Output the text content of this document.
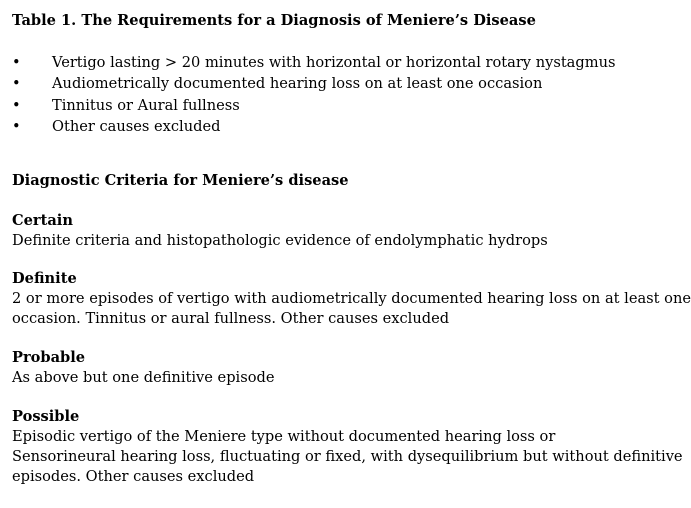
Table 1. The Requirements for a Diagnosis of Meniere’s Disease
• Vertigo lasting > 20 minutes with horizontal or horizontal rotary nystagmus
• Audiometrically documented hearing loss on at least one occasion
• Tinnitus or Aural fullness
• Other causes excluded
Diagnostic Criteria for Meniere’s disease
Certain
Definite criteria and histopathologic evidence of endolymphatic hydrops
Definite
2 or more episodes of vertigo with audiometrically documented hearing loss on at least one
occasion. Tinnitus or aural fullness. Other causes excluded
Probable
As above but one definitive episode
Possible
Episodic vertigo of the Meniere type without documented hearing loss or
Sensorineural hearing loss, fluctuating or fixed, with dysequilibrium but without definitive
episodes. Other causes excluded
